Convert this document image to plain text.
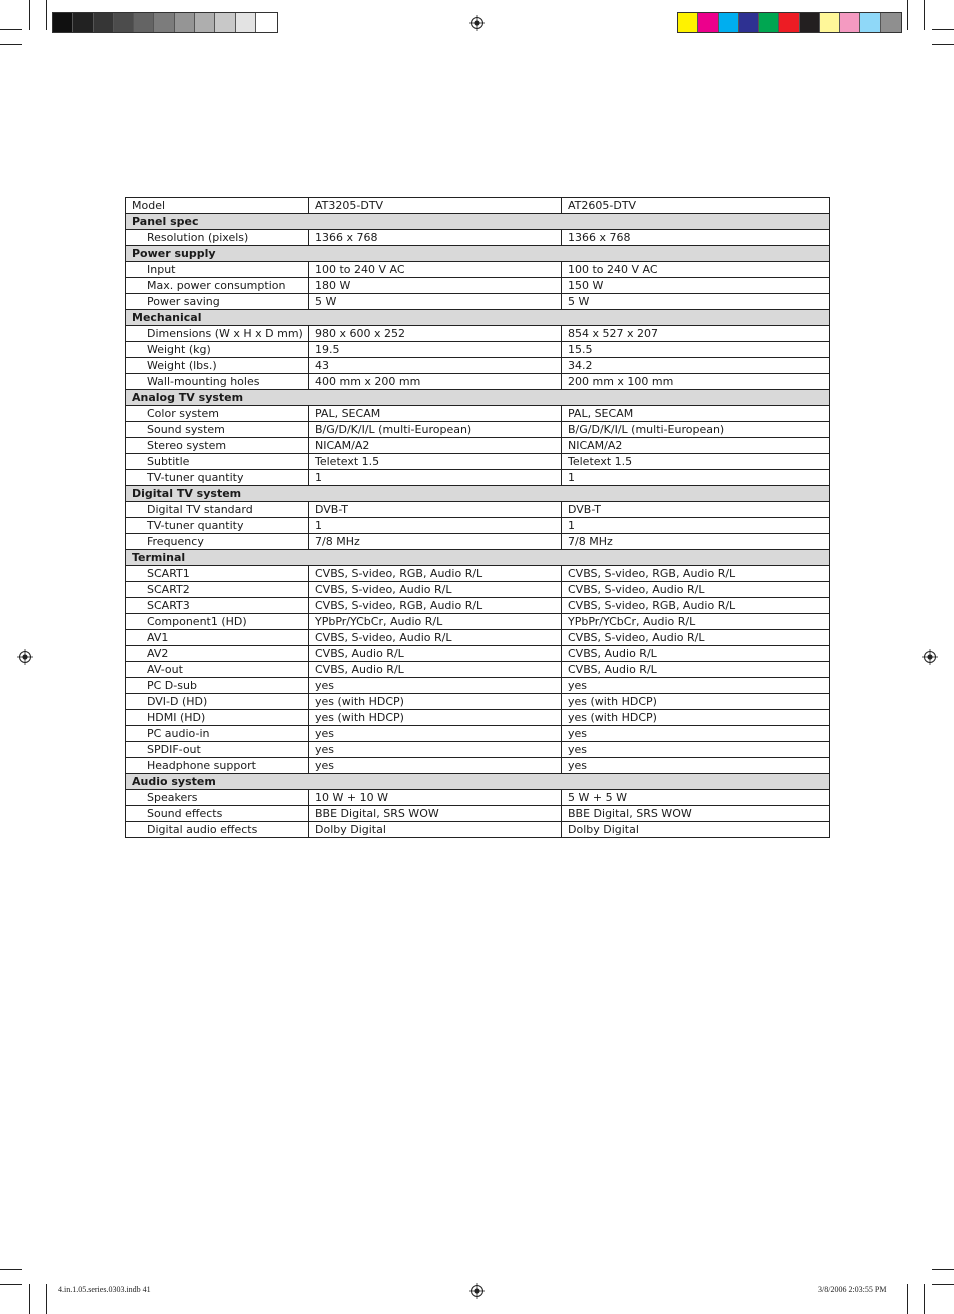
Model	AT3205-DTV	AT2605-DTV
Panel spec		
Resolution (pixels)	1366 x 768	1366 x 768
Power supply		
Input	100 to 240 V AC	100 to 240 V AC
Max. power consumption	180 W	150 W
Power saving	5 W	5 W
Mechanical		
Dimensions (W x H x D mm)	980 x 600 x 252	854 x 527 x 207
Weight (kg)	19.5	15.5
Weight (lbs.)	43	34.2
Wall-mounting holes	400 mm x 200 mm	200 mm x 100 mm
Analog TV system		
Color system	PAL, SECAM	PAL, SECAM
Sound system	B/G/D/K/I/L (multi-European)	B/G/D/K/I/L (multi-European)
Stereo system	NICAM/A2	NICAM/A2
Subtitle	Teletext 1.5	Teletext 1.5
TV-tuner quantity	1	1
Digital TV system		
Digital TV standard	DVB-T	DVB-T
TV-tuner quantity	1	1
Frequency	7/8 MHz	7/8 MHz
Terminal		
SCART1	CVBS, S-video, RGB, Audio R/L	CVBS, S-video, RGB, Audio R/L
SCART2	CVBS, S-video, Audio R/L	CVBS, S-video, Audio R/L
SCART3	CVBS, S-video, RGB, Audio R/L	CVBS, S-video, RGB, Audio R/L
Component1 (HD)	YPbPr/YCbCr, Audio R/L	YPbPr/YCbCr, Audio R/L
AV1	CVBS, S-video, Audio R/L	CVBS, S-video, Audio R/L
AV2	CVBS, Audio R/L	CVBS, Audio R/L
AV-out	CVBS, Audio R/L	CVBS, Audio R/L
PC D-sub	yes	yes
DVI-D (HD)	yes (with HDCP)	yes (with HDCP)
HDMI (HD)	yes (with HDCP)	yes (with HDCP)
PC audio-in	yes	yes
SPDIF-out	yes	yes
Headphone support	yes	yes
Audio system		
Speakers	10 W + 10 W	5 W + 5 W
Sound effects	BBE Digital, SRS WOW	BBE Digital, SRS WOW
Digital audio effects	Dolby Digital	Dolby Digital
4.in.1.05.series.0303.indb 41	3/8/2006 2:03:55 PM
